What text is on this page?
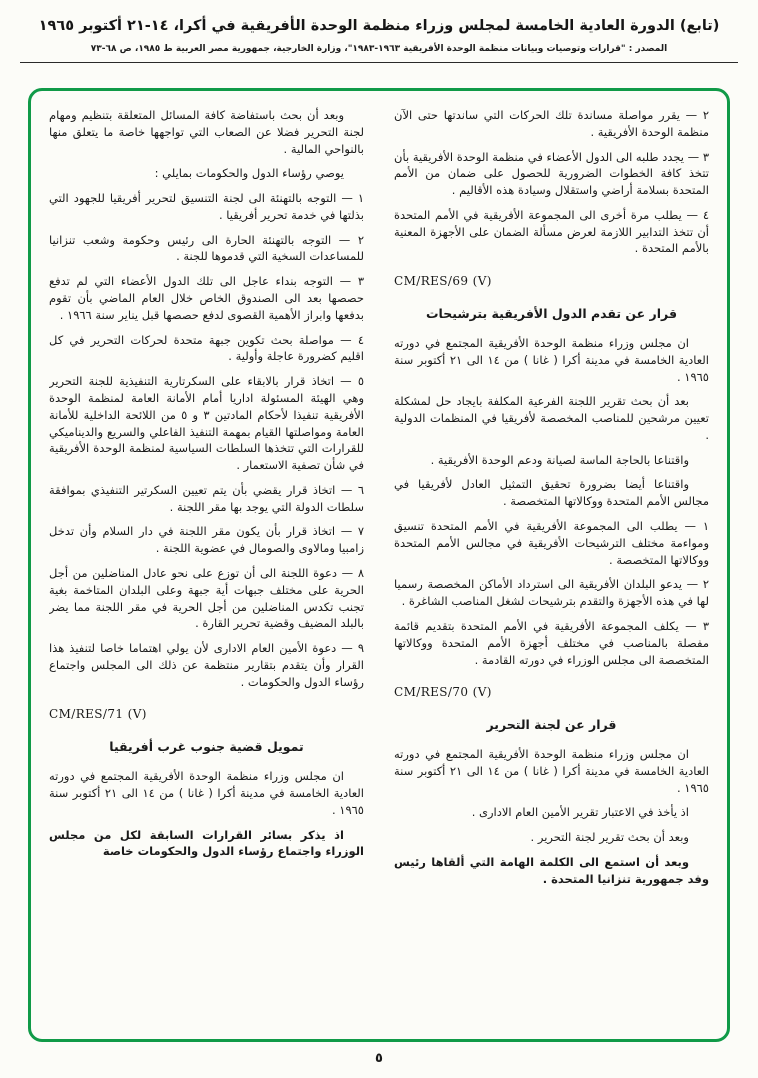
(تابع) الدورة العادية الخامسة لمجلس وزراء منظمة الوحدة الأفريقية في أكرا، ١٤-٢١ أكتوبر ١٩٦٥
المصدر : "قرارات وتوصيات وبيانات منظمة الوحدة الأفريقية ١٩٦٣-١٩٨٣"، وزارة الخارجية، جمهورية مصر العربية ط ١٩٨٥، ص ٦٨-٧٣

٢ — يقرر مواصلة مساندة تلك الحركات التي ساندتها حتى الآن منظمة الوحدة الأفريقية .

٣ — يجدد طلبه الى الدول الأعضاء في منظمة الوحدة الأفريقية بأن تتخذ كافة الخطوات الضرورية للحصول على ضمان من الأمم المتحدة بسلامة أراضي واستقلال وسيادة هذه الأقاليم .

٤ — يطلب مرة أخرى الى المجموعة الأفريقية في الأمم المتحدة أن تتخذ التدابير اللازمة لعرض مسألة الضمان على الأجهزة المعنية بالأمم المتحدة .

CM/RES/69 (V)

قرار عن تقدم الدول الأفريقية بترشيحات

ان مجلس وزراء منظمة الوحدة الأفريقية المجتمع في دورته العادية الخامسة في مدينة أكرا ( غانا ) من ١٤ الى ٢١ أكتوبر سنة ١٩٦٥ .

بعد أن بحث تقرير اللجنة الفرعية المكلفة بايجاد حل لمشكلة تعيين مرشحين للمناصب المخصصة لأفريقيا في المنظمات الدولية .

واقتناعا بالحاجة الماسة لصيانة ودعم الوحدة الأفريقية .

واقتناعا أيضا بضرورة تحقيق التمثيل العادل لأفريقيا في مجالس الأمم المتحدة ووكالاتها المتخصصة .

١ — يطلب الى المجموعة الأفريقية في الأمم المتحدة تنسيق ومواءمة مختلف الترشيحات الأفريقية في مجالس الأمم المتحدة ووكالاتها المتخصصة .

٢ — يدعو البلدان الأفريقية الى استرداد الأماكن المخصصة رسميا لها في هذه الأجهزة والتقدم بترشيحات لشغل المناصب الشاغرة .

٣ — يكلف المجموعة الأفريقية في الأمم المتحدة بتقديم قائمة مفصلة بالمناصب في مختلف أجهزة الأمم المتحدة ووكالاتها المتخصصة الى مجلس الوزراء في دورته القادمة .

CM/RES/70 (V)

قرار عن لجنة التحرير

ان مجلس وزراء منظمة الوحدة الأفريقية المجتمع في دورته العادية الخامسة في مدينة أكرا ( غانا ) من ١٤ الى ٢١ أكتوبر سنة ١٩٦٥ .

اذ يأخذ في الاعتبار تقرير الأمين العام الادارى .

وبعد أن بحث تقرير لجنة التحرير .

وبعد أن استمع الى الكلمة الهامة التي ألقاها رئيس وفد جمهورية تنزانيا المتحدة .

وبعد أن بحث باستفاضة كافة المسائل المتعلقة بتنظيم ومهام لجنة التحرير فضلا عن الصعاب التي تواجهها خاصة ما يتعلق منها بالنواحي المالية .

يوصي رؤساء الدول والحكومات بمايلي :

١ — التوجه بالتهنئة الى لجنة التنسيق لتحرير أفريقيا للجهود التي بذلتها في خدمة تحرير أفريقيا .

٢ — التوجه بالتهنئة الحارة الى رئيس وحكومة وشعب تنزانيا للمساعدات السخية التي قدموها للجنة .

٣ — التوجه بنداء عاجل الى تلك الدول الأعضاء التي لم تدفع حصصها بعد الى الصندوق الخاص خلال العام الماضي بأن تقوم بدفعها وابراز الأهمية القصوى لدفع حصصها قبل يناير سنة ١٩٦٦ .

٤ — مواصلة بحث تكوين جبهة متحدة لحركات التحرير في كل اقليم كضرورة عاجلة وأولية .

٥ — اتخاذ قرار بالابقاء على السكرتارية التنفيذية للجنة التحرير وهي الهيئة المسئولة اداريا أمام الأمانة العامة لمنظمة الوحدة الأفريقية تنفيذا لأحكام المادتين ٣ و ٥ من اللائحة الداخلية للأمانة العامة ومواصلتها القيام بمهمة التنفيذ الفاعلي والسريع والديناميكي للقرارات التي تتخذها السلطات السياسية لمنظمة الوحدة الأفريقية في شأن تصفية الاستعمار .

٦ — اتخاذ قرار يقضي بأن يتم تعيين السكرتير التنفيذي بموافقة سلطات الدولة التي يوجد بها مقر اللجنة .

٧ — اتخاذ قرار بأن يكون مقر اللجنة في دار السلام وأن تدخل زامبيا ومالاوى والصومال في عضوية اللجنة .

٨ — دعوة اللجنة الى أن توزع على نحو عادل المناضلين من أجل الحرية على مختلف جبهات أية جبهة وعلى البلدان المتاخمة بغية تجنب تكدس المناضلين من أجل الحرية في مقر اللجنة مما يضر بالبلد المضيف وقضية تحرير القارة .

٩ — دعوة الأمين العام الادارى لأن يولي اهتماما خاصا لتنفيذ هذا القرار وأن يتقدم بتقارير منتظمة عن ذلك الى المجلس واجتماع رؤساء الدول والحكومات .

CM/RES/71 (V)

تمويل قضية جنوب غرب أفريقيا

ان مجلس وزراء منظمة الوحدة الأفريقية المجتمع في دورته العادية الخامسة في مدينة أكرا ( غانا ) من ١٤ الى ٢١ أكتوبر سنة ١٩٦٥ .

اذ يذكر بسائر القرارات السابقة لكل من مجلس الوزراء واجتماع رؤساء الدول والحكومات خاصة

٥
